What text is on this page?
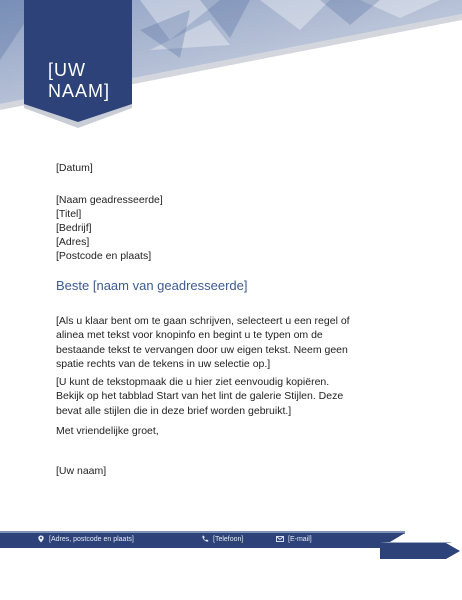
[UW
NAAM]
[Datum]
[Naam geadresseerde]
[Titel]
[Bedrijf]
[Adres]
[Postcode en plaats]
Beste [naam van geadresseerde]
[Als u klaar bent om te gaan schrijven, selecteert u een regel of
alinea met tekst voor knopinfo en begint u te typen om de
bestaande tekst te vervangen door uw eigen tekst. Neem geen
spatie rechts van de tekens in uw selectie op.]
[U kunt de tekstopmaak die u hier ziet eenvoudig kopiëren.
Bekijk op het tabblad Start van het lint de galerie Stijlen. Deze
bevat alle stijlen die in deze brief worden gebruikt.]
Met vriendelijke groet,
[Uw naam]
[Adres, postcode en plaats]	[Telefoon]	[E-mail]
